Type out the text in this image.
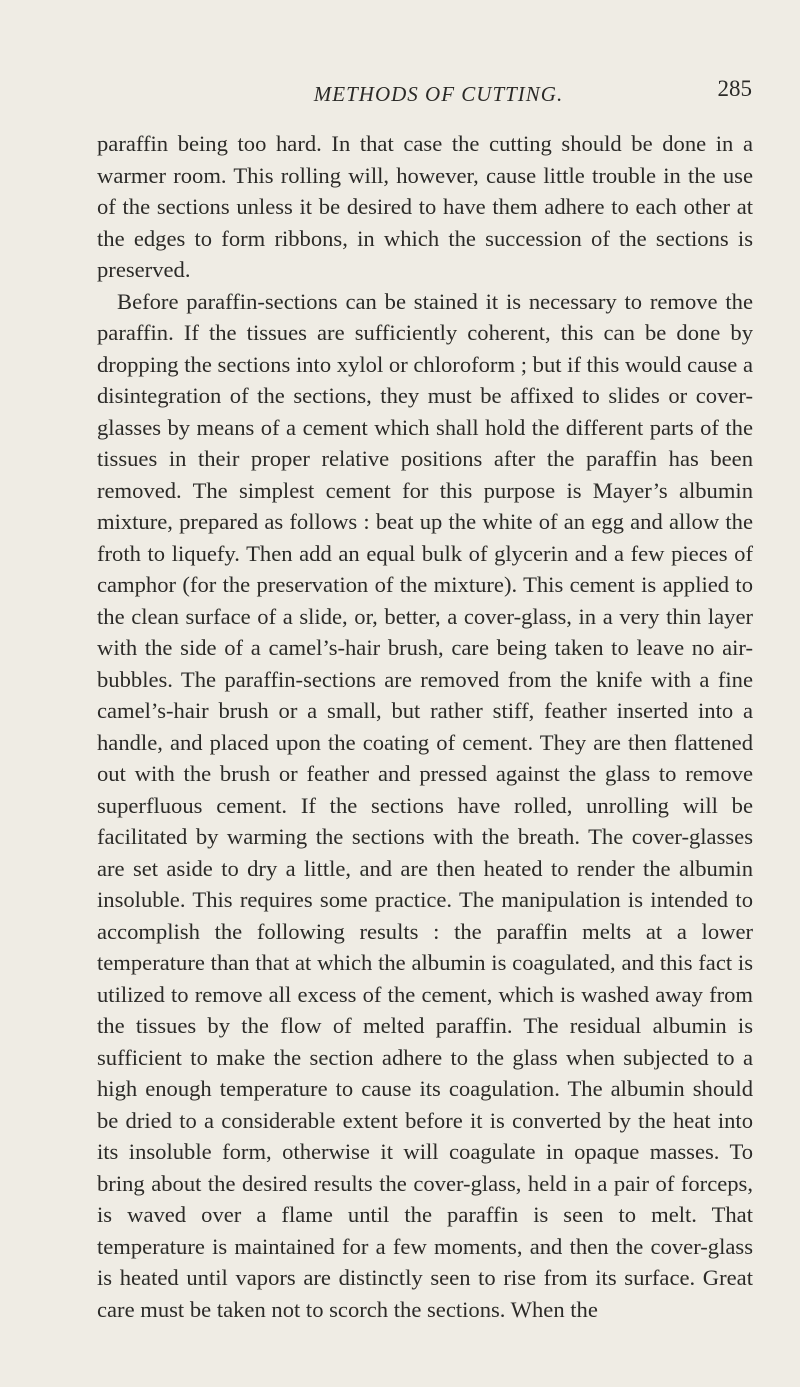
METHODS OF CUTTING.	285

paraffin being too hard. In that case the cutting should be done in a warmer room. This rolling will, however, cause little trouble in the use of the sections unless it be desired to have them adhere to each other at the edges to form ribbons, in which the succession of the sections is preserved.

Before paraffin-sections can be stained it is necessary to remove the paraffin. If the tissues are sufficiently coherent, this can be done by dropping the sections into xylol or chloroform ; but if this would cause a disintegration of the sections, they must be affixed to slides or cover-glasses by means of a cement which shall hold the different parts of the tissues in their proper relative positions after the paraffin has been removed. The simplest cement for this purpose is Mayer’s albumin mixture, prepared as follows : beat up the white of an egg and allow the froth to liquefy. Then add an equal bulk of glycerin and a few pieces of camphor (for the preservation of the mixture). This cement is applied to the clean surface of a slide, or, better, a cover-glass, in a very thin layer with the side of a camel’s-hair brush, care being taken to leave no air-bubbles. The paraffin-sections are removed from the knife with a fine camel’s-hair brush or a small, but rather stiff, feather inserted into a handle, and placed upon the coating of cement. They are then flattened out with the brush or feather and pressed against the glass to remove superfluous cement. If the sections have rolled, unrolling will be facilitated by warming the sections with the breath. The cover-glasses are set aside to dry a little, and are then heated to render the albumin insoluble. This requires some practice. The manipulation is intended to accomplish the following results : the paraffin melts at a lower temperature than that at which the albumin is coagulated, and this fact is utilized to remove all excess of the cement, which is washed away from the tissues by the flow of melted paraffin. The residual albumin is sufficient to make the section adhere to the glass when subjected to a high enough temperature to cause its coagulation. The albumin should be dried to a considerable extent before it is converted by the heat into its insoluble form, otherwise it will coagulate in opaque masses. To bring about the desired results the cover-glass, held in a pair of forceps, is waved over a flame until the paraffin is seen to melt. That temperature is maintained for a few moments, and then the cover-glass is heated until vapors are distinctly seen to rise from its surface. Great care must be taken not to scorch the sections. When the
